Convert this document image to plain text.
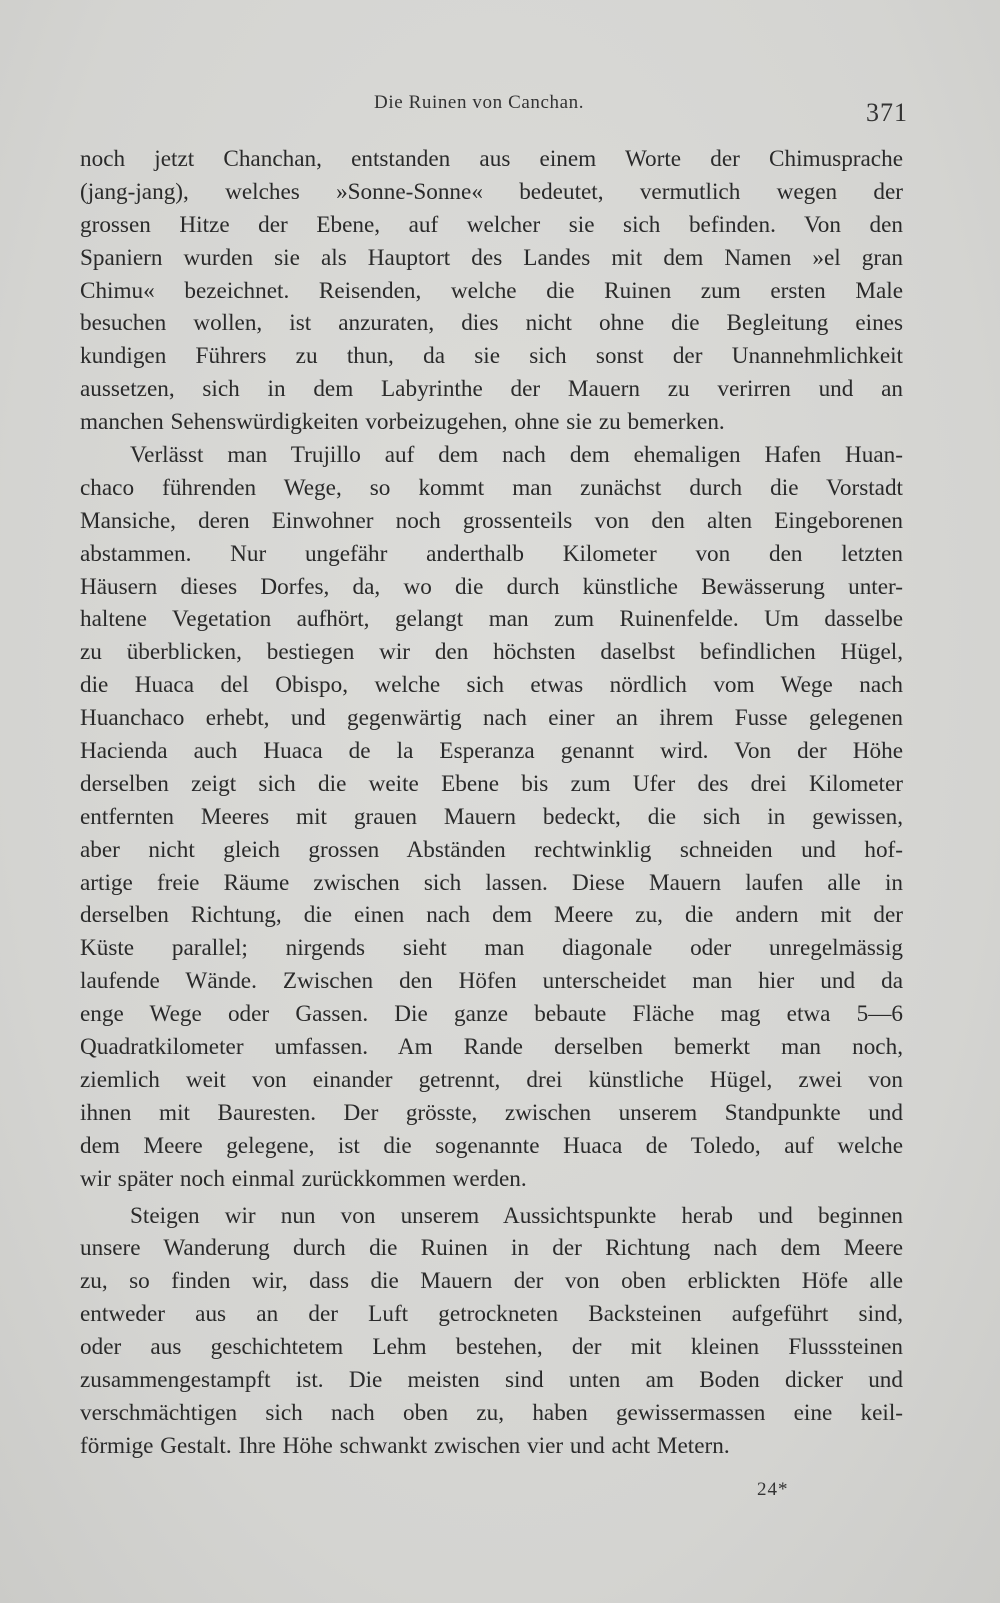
Die Ruinen von Canchan.	371
noch jetzt Chanchan, entstanden aus einem Worte der Chimusprache
(jang-jang), welches »Sonne-Sonne« bedeutet, vermutlich wegen der
grossen Hitze der Ebene, auf welcher sie sich befinden. Von den
Spaniern wurden sie als Hauptort des Landes mit dem Namen »el gran
Chimu« bezeichnet. Reisenden, welche die Ruinen zum ersten Male
besuchen wollen, ist anzuraten, dies nicht ohne die Begleitung eines
kundigen Führers zu thun, da sie sich sonst der Unannehmlichkeit
aussetzen, sich in dem Labyrinthe der Mauern zu verirren und an
manchen Sehenswürdigkeiten vorbeizugehen, ohne sie zu bemerken.
Verlässt man Trujillo auf dem nach dem ehemaligen Hafen Huan-
chaco führenden Wege, so kommt man zunächst durch die Vorstadt
Mansiche, deren Einwohner noch grossenteils von den alten Eingeborenen
abstammen. Nur ungefähr anderthalb Kilometer von den letzten
Häusern dieses Dorfes, da, wo die durch künstliche Bewässerung unter-
haltene Vegetation aufhört, gelangt man zum Ruinenfelde. Um dasselbe
zu überblicken, bestiegen wir den höchsten daselbst befindlichen Hügel,
die Huaca del Obispo, welche sich etwas nördlich vom Wege nach
Huanchaco erhebt, und gegenwärtig nach einer an ihrem Fusse gelegenen
Hacienda auch Huaca de la Esperanza genannt wird. Von der Höhe
derselben zeigt sich die weite Ebene bis zum Ufer des drei Kilometer
entfernten Meeres mit grauen Mauern bedeckt, die sich in gewissen,
aber nicht gleich grossen Abständen rechtwinklig schneiden und hof-
artige freie Räume zwischen sich lassen. Diese Mauern laufen alle in
derselben Richtung, die einen nach dem Meere zu, die andern mit der
Küste parallel; nirgends sieht man diagonale oder unregelmässig
laufende Wände. Zwischen den Höfen unterscheidet man hier und da
enge Wege oder Gassen. Die ganze bebaute Fläche mag etwa 5—6
Quadratkilometer umfassen. Am Rande derselben bemerkt man noch,
ziemlich weit von einander getrennt, drei künstliche Hügel, zwei von
ihnen mit Bauresten. Der grösste, zwischen unserem Standpunkte und
dem Meere gelegene, ist die sogenannte Huaca de Toledo, auf welche
wir später noch einmal zurückkommen werden.
Steigen wir nun von unserem Aussichtspunkte herab und beginnen
unsere Wanderung durch die Ruinen in der Richtung nach dem Meere
zu, so finden wir, dass die Mauern der von oben erblickten Höfe alle
entweder aus an der Luft getrockneten Backsteinen aufgeführt sind,
oder aus geschichtetem Lehm bestehen, der mit kleinen Flusssteinen
zusammengestampft ist. Die meisten sind unten am Boden dicker und
verschmächtigen sich nach oben zu, haben gewissermassen eine keil-
förmige Gestalt. Ihre Höhe schwankt zwischen vier und acht Metern.
24*
